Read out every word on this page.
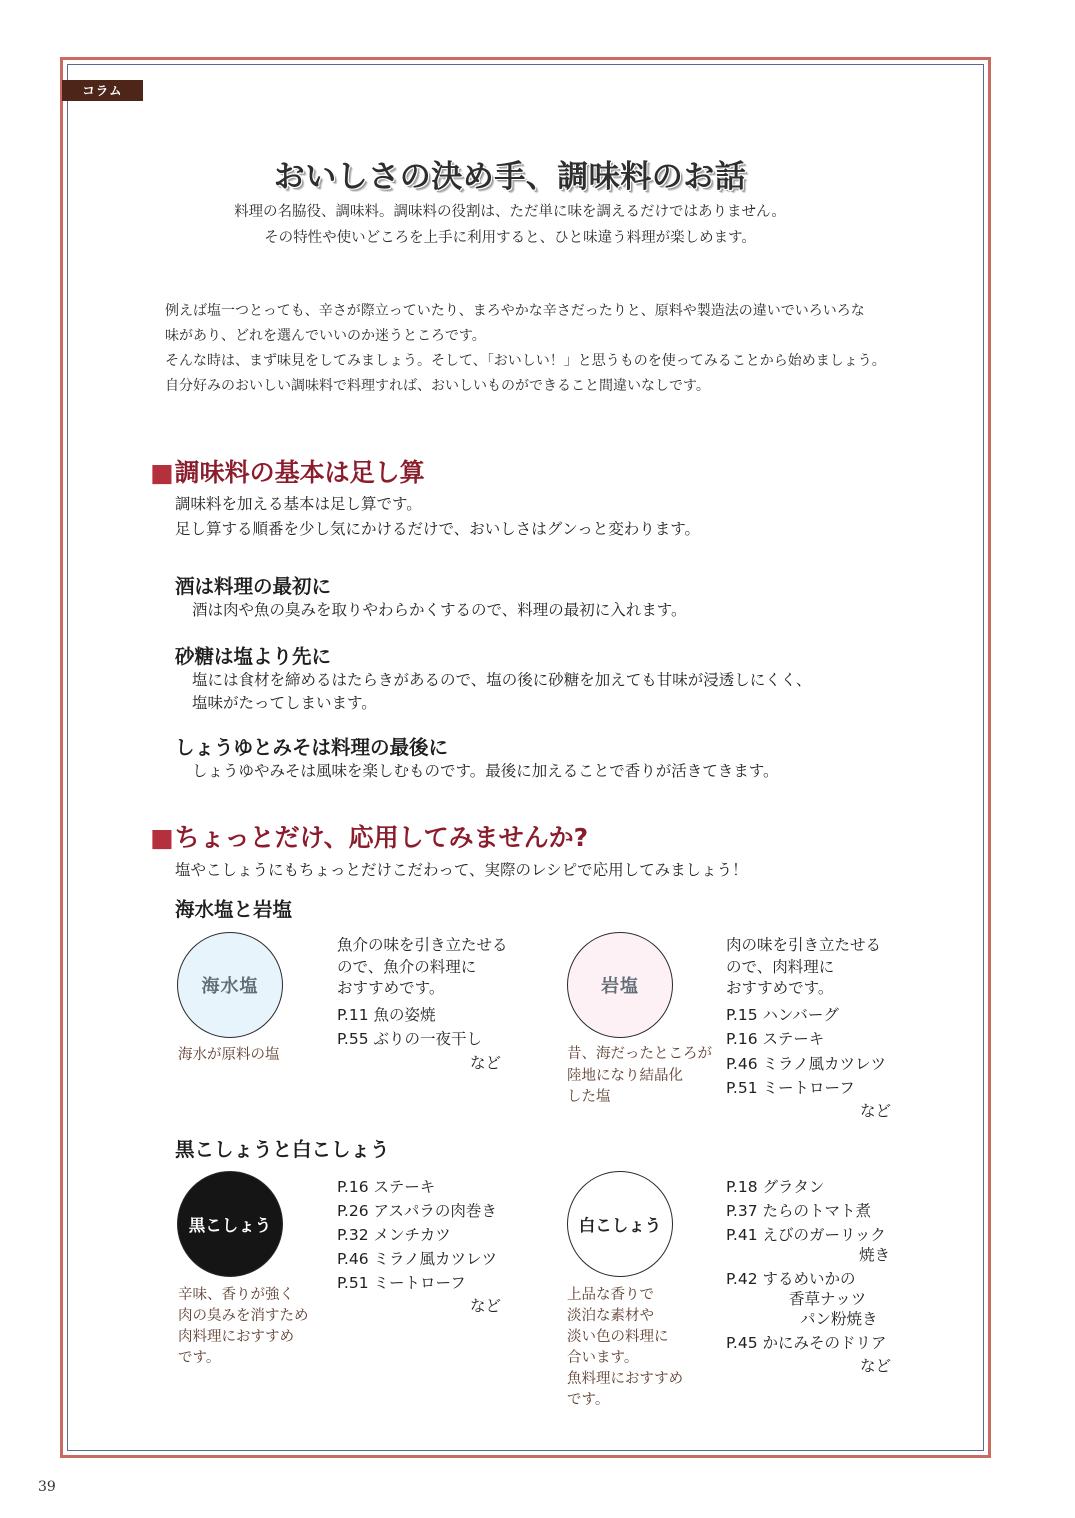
コラム
おいしさの決め手、調味料のお話
料理の名脇役、調味料。調味料の役割は、ただ単に味を調えるだけではありません。
その特性や使いどころを上手に利用すると、ひと味違う料理が楽しめます。
例えば塩一つとっても、辛さが際立っていたり、まろやかな辛さだったりと、原料や製造法の違いでいろいろな
味があり、どれを選んでいいのか迷うところです。
そんな時は、まず味見をしてみましょう。そして、「おいしい！」と思うものを使ってみることから始めましょう。
自分好みのおいしい調味料で料理すれば、おいしいものができること間違いなしです。
■調味料の基本は足し算
調味料を加える基本は足し算です。
足し算する順番を少し気にかけるだけで、おいしさはグンっと変わります。
酒は料理の最初に
酒は肉や魚の臭みを取りやわらかくするので、料理の最初に入れます。
砂糖は塩より先に
塩には食材を締めるはたらきがあるので、塩の後に砂糖を加えても甘味が浸透しにくく、
塩味がたってしまいます。
しょうゆとみそは料理の最後に
しょうゆやみそは風味を楽しむものです。最後に加えることで香りが活きてきます。
■ちょっとだけ、応用してみませんか?
塩やこしょうにもちょっとだけこだわって、実際のレシピで応用してみましょう！
海水塩と岩塩
海水塩
海水が原料の塩
魚介の味を引き立たせる
ので、魚介の料理に
おすすめです。
P.11 魚の姿焼
P.55 ぶりの一夜干し
など
岩塩
昔、海だったところが
陸地になり結晶化
した塩
肉の味を引き立たせる
ので、肉料理に
おすすめです。
P.15 ハンバーグ
P.16 ステーキ
P.46 ミラノ風カツレツ
P.51 ミートローフ
など
黒こしょうと白こしょう
黒こしょう
辛味、香りが強く
肉の臭みを消すため
肉料理におすすめ
です。
P.16 ステーキ
P.26 アスパラの肉巻き
P.32 メンチカツ
P.46 ミラノ風カツレツ
P.51 ミートローフ
など
白こしょう
上品な香りで
淡泊な素材や
淡い色の料理に
合います。
魚料理におすすめ
です。
P.18 グラタン
P.37 たらのトマト煮
P.41 えびのガーリック
焼き
P.42 するめいかの
香草ナッツ
パン粉焼き
P.45 かにみそのドリア
など
39
